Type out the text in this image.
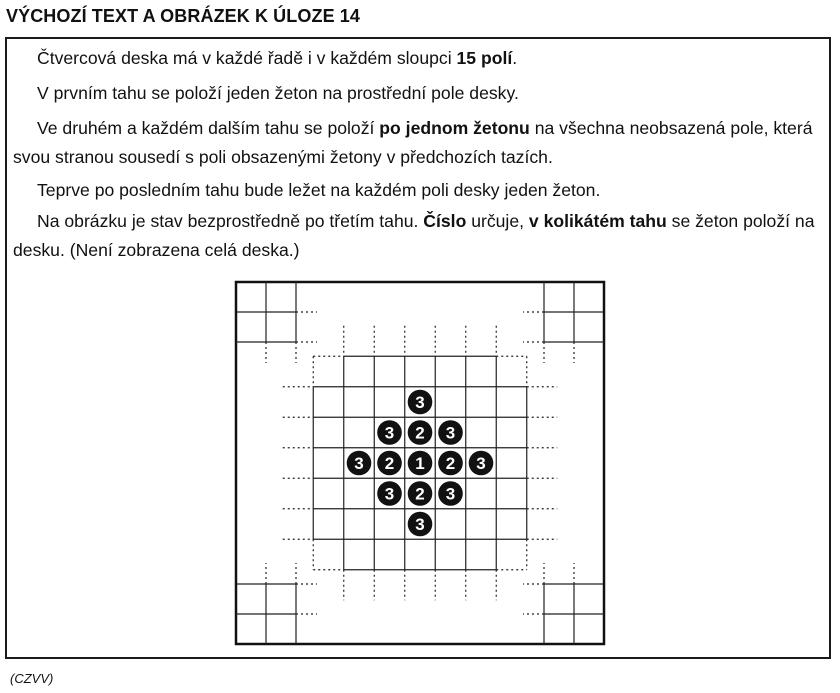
VÝCHOZÍ TEXT A OBRÁZEK K ÚLOZE 14

Čtvercová deska má v každé řadě i v každém sloupci 15 polí.

V prvním tahu se položí jeden žeton na prostřední pole desky.

Ve druhém a každém dalším tahu se položí po jednom žetonu na všechna neobsazená pole, která svou stranou sousedí s poli obsazenými žetony v předchozích tazích.

Teprve po posledním tahu bude ležet na každém poli desky jeden žeton.

Na obrázku je stav bezprostředně po třetím tahu. Číslo určuje, v kolikátém tahu se žeton položí na desku. (Není zobrazena celá deska.)

3
3 2 3
3 2 1 2 3
3 2 3
3
(CZVV)
